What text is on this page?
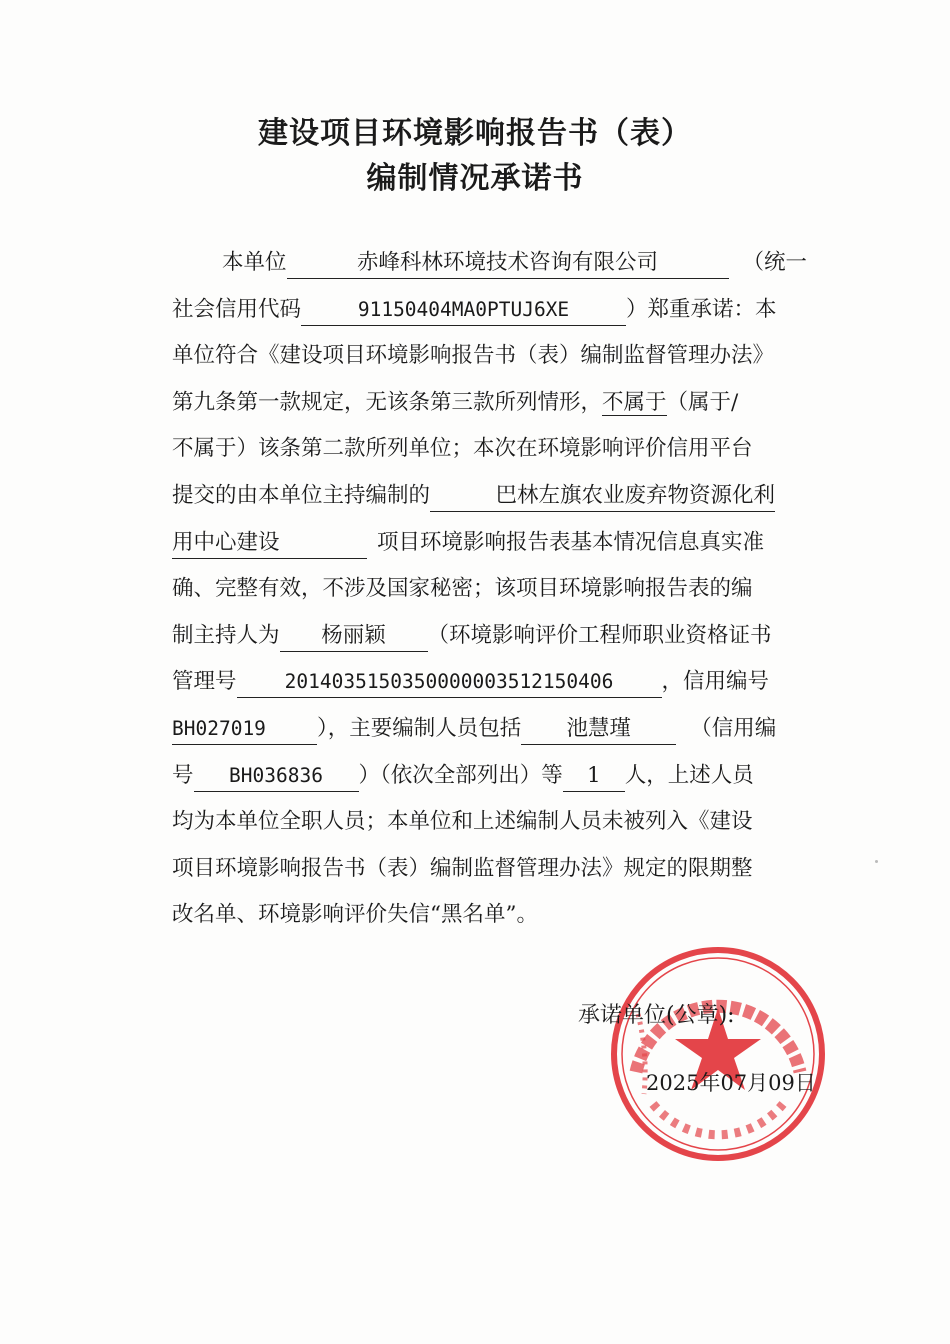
建设项目环境影响报告书（表）
编制情况承诺书
本单位	赤峰科林环境技术咨询有限公司	（统一
社会信用代码	91150404MA0PTUJ6XE	）郑重承诺：本
单位符合《建设项目环境影响报告书（表）编制监督管理办法》
第九条第一款规定，无该条第三款所列情形，不属于（属于/
不属于）该条第二款所列单位；本次在环境影响评价信用平台
提交的由本单位主持编制的	巴林左旗农业废弃物资源化利
用中心建设	项目环境影响报告表基本情况信息真实准
确、完整有效，不涉及国家秘密；该项目环境影响报告表的编
制主持人为 杨丽颖 （环境影响评价工程师职业资格证书
管理号 2014035150350000003512150406 ，信用编号
BH027019 ），主要编制人员包括 池慧瑾	（信用编
号 BH036836 ）（依次全部列出）等 1 人，上述人员
均为本单位全职人员；本单位和上述编制人员未被列入《建设
项目环境影响报告书（表）编制监督管理办法》规定的限期整
改名单、环境影响评价失信“黑名单”。
承诺单位(公章):
2025年07月09日
